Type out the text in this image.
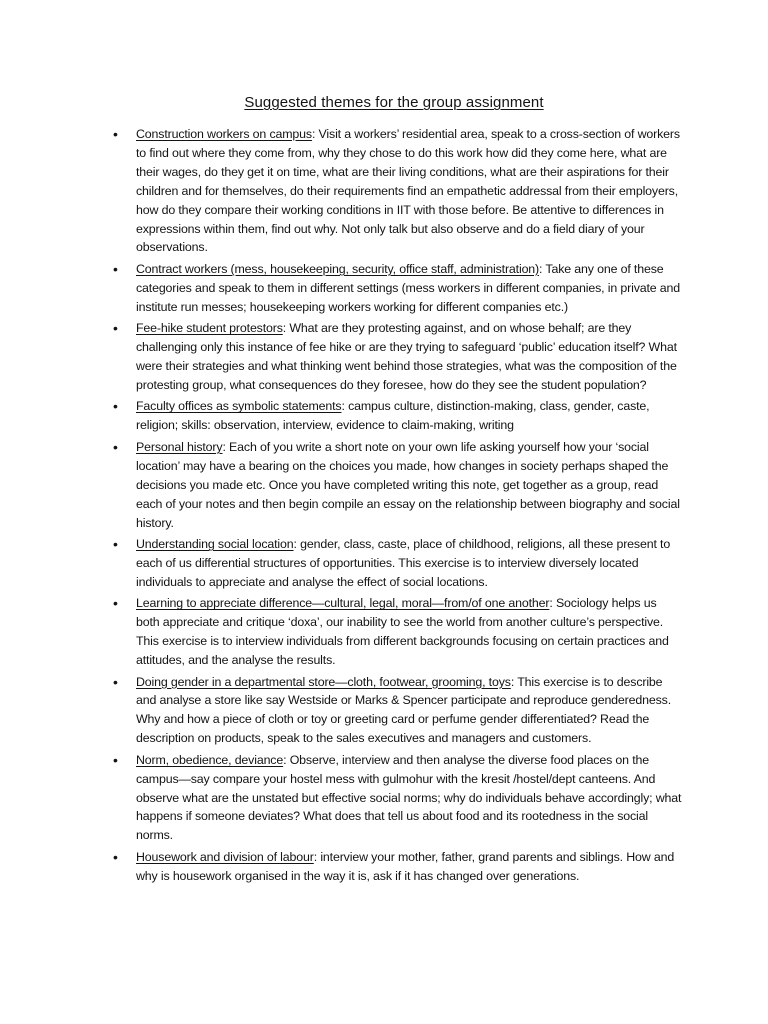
Suggested themes for the group assignment
• Construction workers on campus: Visit a workers’ residential area, speak to a cross-section of workers to find out where they come from, why they chose to do this work how did they come here, what are their wages, do they get it on time, what are their living conditions, what are their aspirations for their children and for themselves, do their requirements find an empathetic addressal from their employers, how do they compare their working conditions in IIT with those before. Be attentive to differences in expressions within them, find out why. Not only talk but also observe and do a field diary of your observations.
• Contract workers (mess, housekeeping, security, office staff, administration): Take any one of these categories and speak to them in different settings (mess workers in different companies, in private and institute run messes; housekeeping workers working for different companies etc.)
• Fee-hike student protestors: What are they protesting against, and on whose behalf; are they challenging only this instance of fee hike or are they trying to safeguard ‘public’ education itself? What were their strategies and what thinking went behind those strategies, what was the composition of the protesting group, what consequences do they foresee, how do they see the student population?
• Faculty offices as symbolic statements: campus culture, distinction-making, class, gender, caste, religion; skills: observation, interview, evidence to claim-making, writing
• Personal history: Each of you write a short note on your own life asking yourself how your ‘social location’ may have a bearing on the choices you made, how changes in society perhaps shaped the decisions you made etc. Once you have completed writing this note, get together as a group, read each of your notes and then begin compile an essay on the relationship between biography and social history.
• Understanding social location: gender, class, caste, place of childhood, religions, all these present to each of us differential structures of opportunities. This exercise is to interview diversely located individuals to appreciate and analyse the effect of social locations.
• Learning to appreciate difference—cultural, legal, moral—from/of one another: Sociology helps us both appreciate and critique ‘doxa’, our inability to see the world from another culture’s perspective. This exercise is to interview individuals from different backgrounds focusing on certain practices and attitudes, and the analyse the results.
• Doing gender in a departmental store—cloth, footwear, grooming, toys: This exercise is to describe and analyse a store like say Westside or Marks & Spencer participate and reproduce genderedness. Why and how a piece of cloth or toy or greeting card or perfume gender differentiated? Read the description on products, speak to the sales executives and managers and customers.
• Norm, obedience, deviance: Observe, interview and then analyse the diverse food places on the campus—say compare your hostel mess with gulmohur with the kresit /hostel/dept canteens. And observe what are the unstated but effective social norms; why do individuals behave accordingly; what happens if someone deviates? What does that tell us about food and its rootedness in the social norms.
• Housework and division of labour: interview your mother, father, grand parents and siblings. How and why is housework organised in the way it is, ask if it has changed over generations.
